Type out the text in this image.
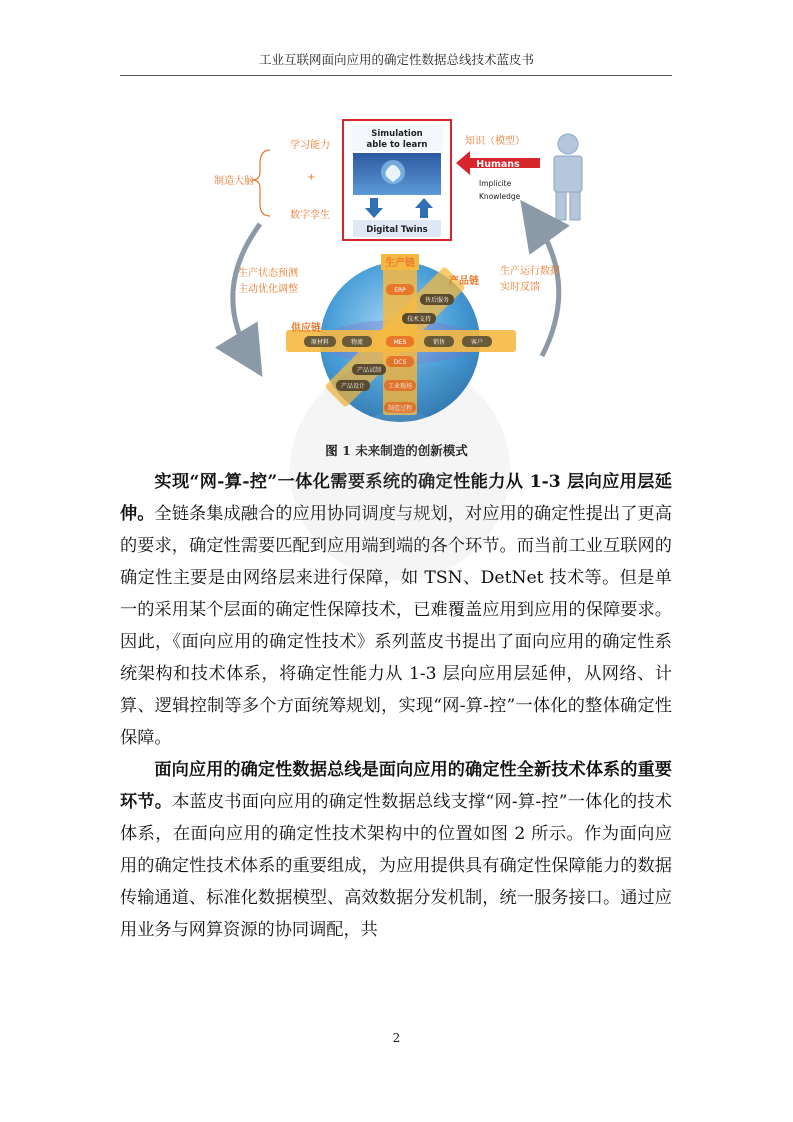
工业互联网面向应用的确定性数据总线技术蓝皮书
Simulation
able to learn
Digital Twins
学习能力
+
数字孪生
制造大脑
知识（模型）
Humans
Implicite
Knowledge
生产状态预测
主动优化调整
生产运行数据
实时反馈
生产链
产品链
供应链
ERP
售后服务
技术支持
原材料	物流	MES	销售	客户
DCS
产品试制
产品设计	工业现场
制造过程
图 1 未来制造的创新模式

实现“网-算-控”一体化需要系统的确定性能力从 1-3 层向应用层延伸。全链条集成融合的应用协同调度与规划，对应用的确定性提出了更高的要求，确定性需要匹配到应用端到端的各个环节。而当前工业互联网的确定性主要是由网络层来进行保障，如 TSN、DetNet 技术等。但是单一的采用某个层面的确定性保障技术，已难覆盖应用到应用的保障要求。因此，《面向应用的确定性技术》系列蓝皮书提出了面向应用的确定性系统架构和技术体系，将确定性能力从 1-3 层向应用层延伸，从网络、计算、逻辑控制等多个方面统筹规划，实现“网-算-控”一体化的整体确定性保障。

面向应用的确定性数据总线是面向应用的确定性全新技术体系的重要环节。本蓝皮书面向应用的确定性数据总线支撑“网-算-控”一体化的技术体系，在面向应用的确定性技术架构中的位置如图 2 所示。作为面向应用的确定性技术体系的重要组成，为应用提供具有确定性保障能力的数据传输通道、标准化数据模型、高效数据分发机制，统一服务接口。通过应用业务与网算资源的协同调配，共

2
